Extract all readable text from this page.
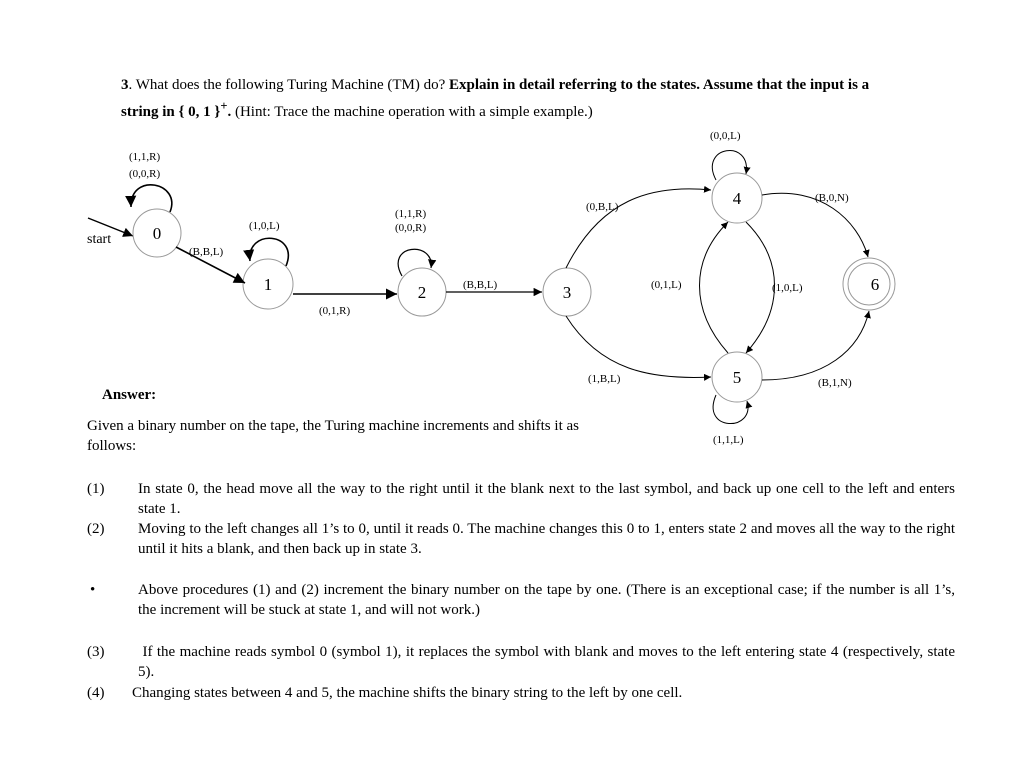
3. What does the following Turing Machine (TM) do? Explain in detail referring to the states. Assume that the input is a string in { 0, 1 }+. (Hint: Trace the machine operation with a simple example.)
start 0
1	2	3
4
5
6
(1,1,R)
(0,0,R)
(B,B,L)
(1,0,L)
(0,1,R)
(1,1,R)
(0,0,R)
(B,B,L)
(0,B,L)
(1,B,L)
(0,0,L)
(B,0,N)
(0,1,L)	(1,0,L)
(B,1,N)
(1,1,L)
Answer:
Given a binary number on the tape, the Turing machine increments and shifts it as follows:
(1) In state 0, the head move all the way to the right until it the blank next to the last symbol, and back up one cell to the left and enters state 1.
(2) Moving to the left changes all 1’s to 0, until it reads 0. The machine changes this 0 to 1, enters state 2 and moves all the way to the right until it hits a blank, and then back up in state 3.
•	Above procedures (1) and (2) increment the binary number on the tape by one. (There is an exceptional case; if the number is all 1’s, the increment will be stuck at state 1, and will not work.)
(3) If the machine reads symbol 0 (symbol 1), it replaces the symbol with blank and moves to the left entering state 4 (respectively, state 5).
(4) Changing states between 4 and 5, the machine shifts the binary string to the left by one cell.
